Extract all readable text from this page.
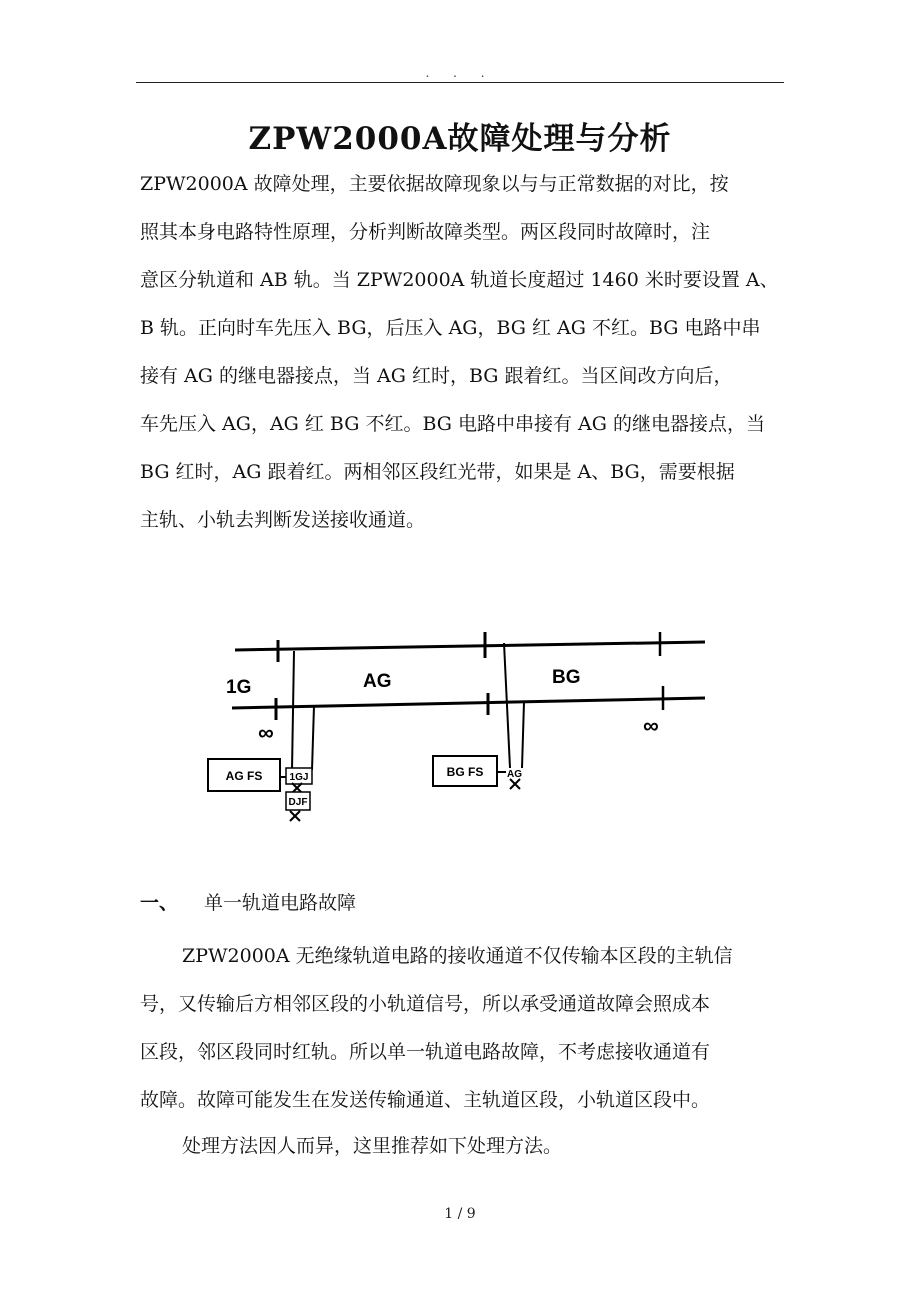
. . .
ZPW2000A故障处理与分析
ZPW2000A 故障处理，主要依据故障现象以与与正常数据的对比，按
照其本身电路特性原理，分析判断故障类型。两区段同时故障时，注
意区分轨道和 AB 轨。当 ZPW2000A 轨道长度超过 1460 米时要设置 A、
B 轨。正向时车先压入 BG，后压入 AG，BG 红 AG 不红。BG 电路中串
接有 AG 的继电器接点，当 AG 红时，BG 跟着红。当区间改方向后，
车先压入 AG，AG 红 BG 不红。BG 电路中串接有 AG 的继电器接点，当
BG 红时，AG 跟着红。两相邻区段红光带，如果是 A、BG，需要根据
主轨、小轨去判断发送接收通道。
1G	AG	BG
∞	∞
AG FS	1GJ
DJF
BG FS AG
一、 单一轨道电路故障
ZPW2000A 无绝缘轨道电路的接收通道不仅传输本区段的主轨信
号，又传输后方相邻区段的小轨道信号，所以承受通道故障会照成本
区段，邻区段同时红轨。所以单一轨道电路故障，不考虑接收通道有
故障。故障可能发生在发送传输通道、主轨道区段，小轨道区段中。
处理方法因人而异，这里推荐如下处理方法。
1 / 9
